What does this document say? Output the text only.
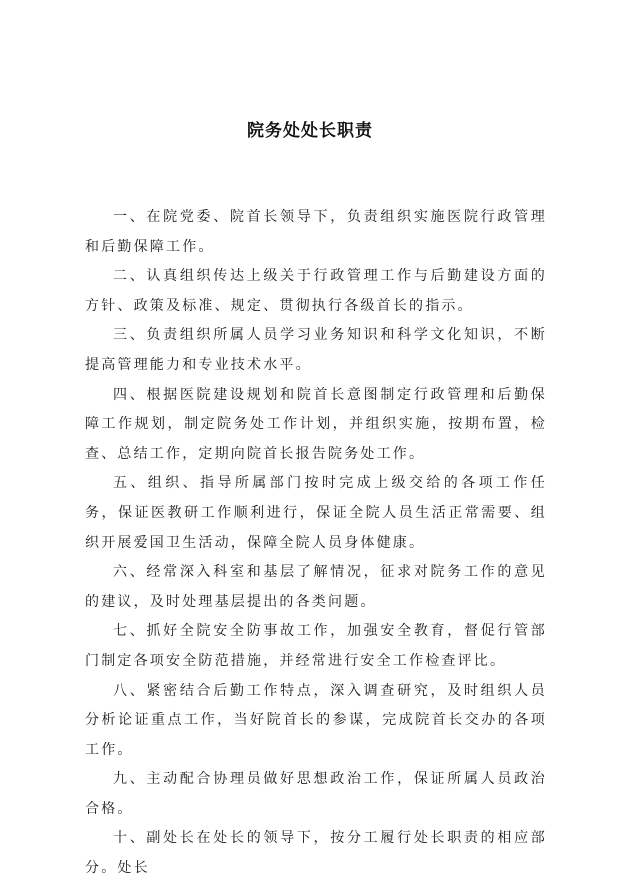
院务处处长职责

一、在院党委、院首长领导下，负责组织实施医院行政管理和后勤保障工作。

二、认真组织传达上级关于行政管理工作与后勤建设方面的方针、政策及标准、规定、贯彻执行各级首长的指示。

三、负责组织所属人员学习业务知识和科学文化知识，不断提高管理能力和专业技术水平。

四、根据医院建设规划和院首长意图制定行政管理和后勤保障工作规划，制定院务处工作计划，并组织实施，按期布置，检查、总结工作，定期向院首长报告院务处工作。

五、组织、指导所属部门按时完成上级交给的各项工作任务，保证医教研工作顺利进行，保证全院人员生活正常需要、组织开展爱国卫生活动，保障全院人员身体健康。

六、经常深入科室和基层了解情况，征求对院务工作的意见的建议，及时处理基层提出的各类问题。

七、抓好全院安全防事故工作，加强安全教育，督促行管部门制定各项安全防范措施，并经常进行安全工作检查评比。

八、紧密结合后勤工作特点，深入调查研究，及时组织人员分析论证重点工作，当好院首长的参谋，完成院首长交办的各项工作。

九、主动配合协理员做好思想政治工作，保证所属人员政治合格。

十、副处长在处长的领导下，按分工履行处长职责的相应部分。处长
